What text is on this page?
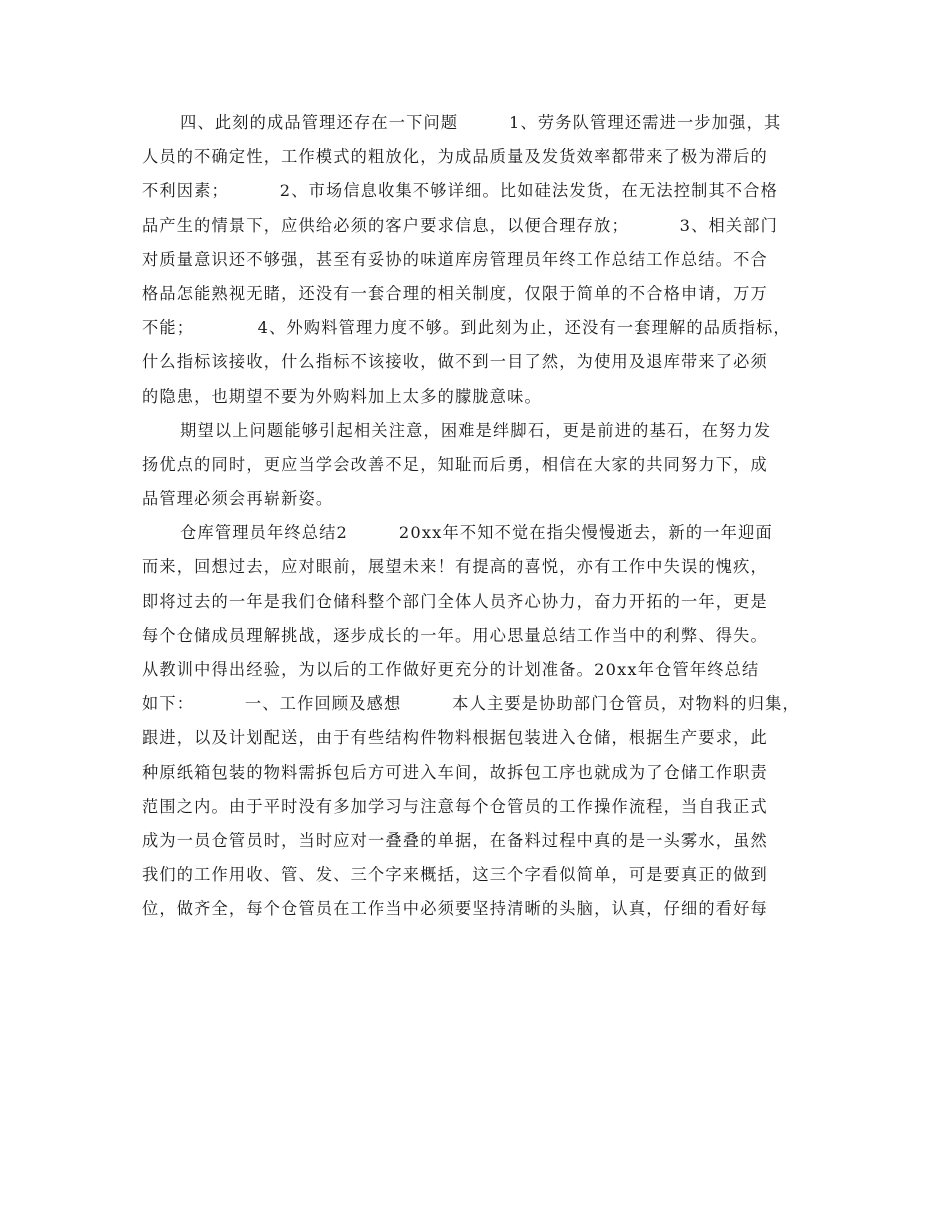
四、此刻的成品管理还存在一下问题        1、劳务队管理还需进一步加强，其
人员的不确定性，工作模式的粗放化，为成品质量及发货效率都带来了极为滞后的
不利因素；        2、市场信息收集不够详细。比如硅法发货，在无法控制其不合格
品产生的情景下，应供给必须的客户要求信息，以便合理存放；        3、相关部门
对质量意识还不够强，甚至有妥协的味道库房管理员年终工作总结工作总结。不合
格品怎能熟视无睹，还没有一套合理的相关制度，仅限于简单的不合格申请，万万
不能；          4、外购料管理力度不够。到此刻为止，还没有一套理解的品质指标，
什么指标该接收，什么指标不该接收，做不到一目了然，为使用及退库带来了必须
的隐患，也期望不要为外购料加上太多的朦胧意味。
期望以上问题能够引起相关注意，困难是绊脚石，更是前进的基石，在努力发
扬优点的同时，更应当学会改善不足，知耻而后勇，相信在大家的共同努力下，成
品管理必须会再崭新姿。
仓库管理员年终总结2        20xx年不知不觉在指尖慢慢逝去，新的一年迎面
而来，回想过去，应对眼前，展望未来！有提高的喜悦，亦有工作中失误的愧疚，
即将过去的一年是我们仓储科整个部门全体人员齐心协力，奋力开拓的一年，更是
每个仓储成员理解挑战，逐步成长的一年。用心思量总结工作当中的利弊、得失。
从教训中得出经验，为以后的工作做好更充分的计划准备。20xx年仓管年终总结
如下：        一、工作回顾及感想        本人主要是协助部门仓管员，对物料的归集，
跟进，以及计划配送，由于有些结构件物料根据包装进入仓储，根据生产要求，此
种原纸箱包装的物料需拆包后方可进入车间，故拆包工序也就成为了仓储工作职责
范围之内。由于平时没有多加学习与注意每个仓管员的工作操作流程，当自我正式
成为一员仓管员时，当时应对一叠叠的单据，在备料过程中真的是一头雾水，虽然
我们的工作用收、管、发、三个字来概括，这三个字看似简单，可是要真正的做到
位，做齐全，每个仓管员在工作当中必须要坚持清晰的头脑，认真，仔细的看好每
